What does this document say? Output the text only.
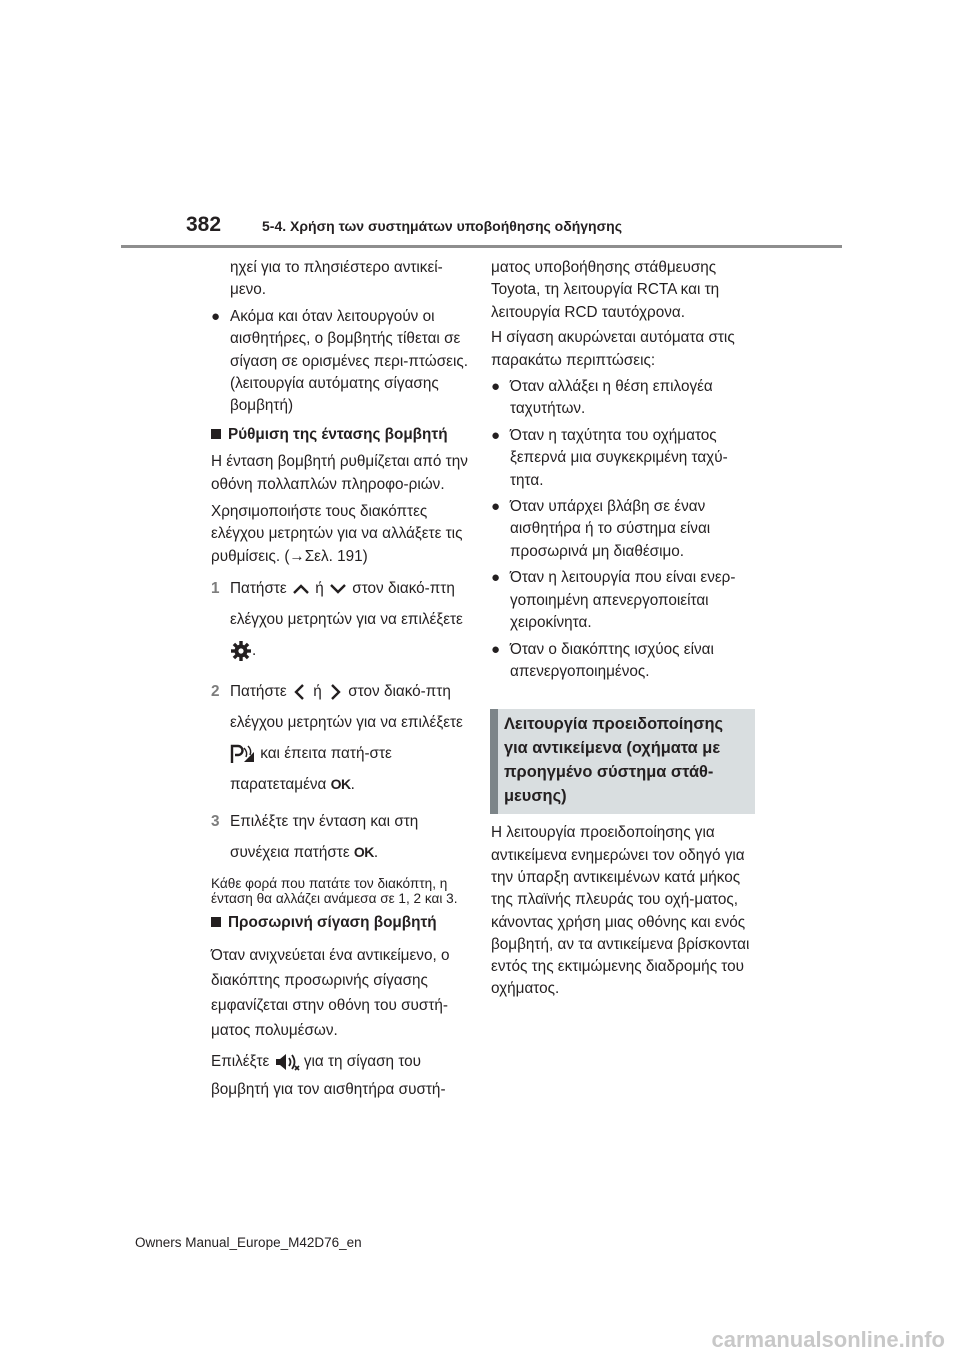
382	5-4. Χρήση των συστημάτων υποβοήθησης οδήγησης

ηχεί για το πλησιέστερο αντικεί-μενο.

● Ακόμα και όταν λειτουργούν οι αισθητήρες, ο βομβητής τίθεται σε σίγαση σε ορισμένες περι-πτώσεις. (λειτουργία αυτόματης σίγασης βομβητή)

Ρύθμιση της έντασης βομβητή

Η ένταση βομβητή ρυθμίζεται από την οθόνη πολλαπλών πληροφο-ριών.

Χρησιμοποιήστε τους διακόπτες ελέγχου μετρητών για να αλλάξετε τις ρυθμίσεις. (→Σελ. 191)

1 Πατήστε ή στον διακό-πτη ελέγχου μετρητών για να επιλέξετε .
2 Πατήστε ή στον διακό-πτη ελέγχου μετρητών για να επιλέξετε  και έπειτα πατή-στε παρατεταμένα OK.
3 Επιλέξτε την ένταση και στη συνέχεια πατήστε OK.

Κάθε φορά που πατάτε τον διακόπτη, η ένταση θα αλλάζει ανάμεσα σε 1, 2 και 3.

Προσωρινή σίγαση βομβητή

Όταν ανιχνεύεται ένα αντικείμενο, ο διακόπτης προσωρινής σίγασης εμφανίζεται στην οθόνη του συστή-ματος πολυμέσων.

Επιλέξτε για τη σίγαση του βομβητή για τον αισθητήρα συστή-

ματος υποβοήθησης στάθμευσης Toyota, τη λειτουργία RCTA και τη λειτουργία RCD ταυτόχρονα.

Η σίγαση ακυρώνεται αυτόματα στις παρακάτω περιπτώσεις:

● Όταν αλλάξει η θέση επιλογέα ταχυτήτων.

● Όταν η ταχύτητα του οχήματος ξεπερνά μια συγκεκριμένη ταχύ-τητα.

● Όταν υπάρχει βλάβη σε έναν αισθητήρα ή το σύστημα είναι προσωρινά μη διαθέσιμο.

● Όταν η λειτουργία που είναι ενερ-γοποιημένη απενεργοποιείται χειροκίνητα.

● Όταν ο διακόπτης ισχύος είναι απενεργοποιημένος.

Λειτουργία προειδοποίησης για αντικείμενα (οχήματα με προηγμένο σύστημα στάθ-μευσης)

Η λειτουργία προειδοποίησης για αντικείμενα ενημερώνει τον οδηγό για την ύπαρξη αντικειμένων κατά μήκος της πλαϊνής πλευράς του οχή-ματος, κάνοντας χρήση μιας οθόνης και ενός βομβητή, αν τα αντικείμενα βρίσκονται εντός της εκτιμώμενης διαδρομής του οχήματος.

Owners Manual_Europe_M42D76_en
carmanualsonline.info
